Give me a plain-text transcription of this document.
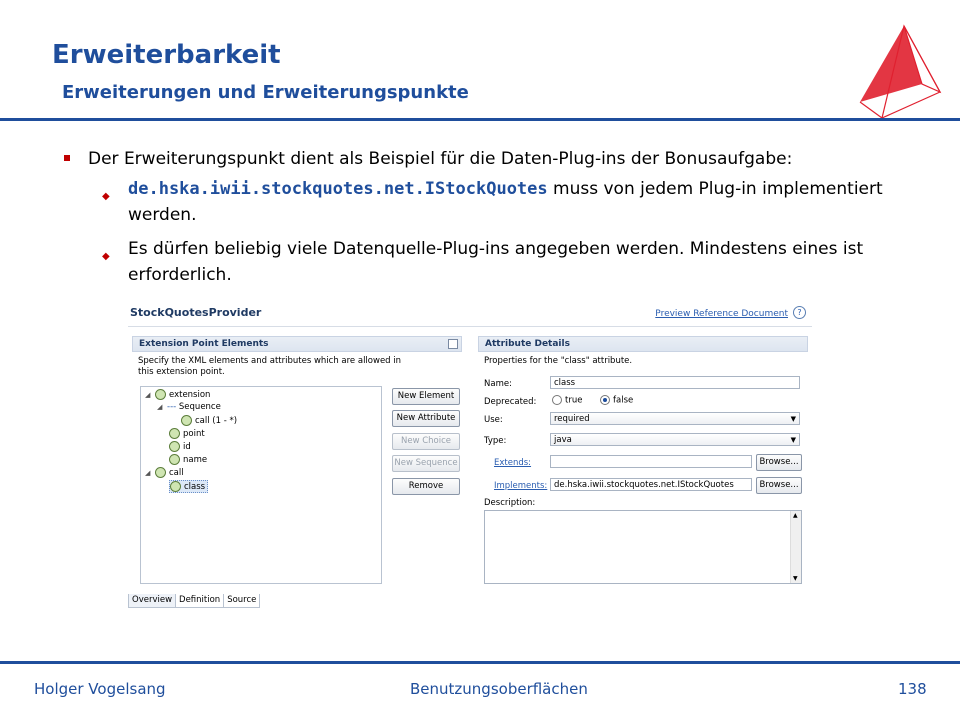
Erweiterbarkeit
Erweiterungen und Erweiterungspunkte
Der Erweiterungspunkt dient als Beispiel für die Daten-Plug-ins der Bonusaufgabe:
◆ de.hska.iwii.stockquotes.net.IStockQuotes muss von jedem Plug-in implementiert werden.
◆ Es dürfen beliebig viele Datenquelle-Plug-ins angegeben werden. Mindestens eines ist erforderlich.
StockQuotesProvider	Preview Reference Document	?
Extension Point Elements
Specify the XML elements and attributes which are allowed in this extension point.
◢ extension
◢ --- Sequence
call (1 - *)
point
id
name
◢ call
class
New Element
New Attribute
New Choice
New Sequence
Remove
Attribute Details
Properties for the "class" attribute.
Name:	class
Deprecated:	true	false
Use:	required	▼
Type:	java	▼
Extends:	Browse...
Implements: de.hska.iwii.stockquotes.net.IStockQuotes	Browse...
Description:
▲
▼
Overview Definition Source
Holger Vogelsang	Benutzungsoberflächen	138
